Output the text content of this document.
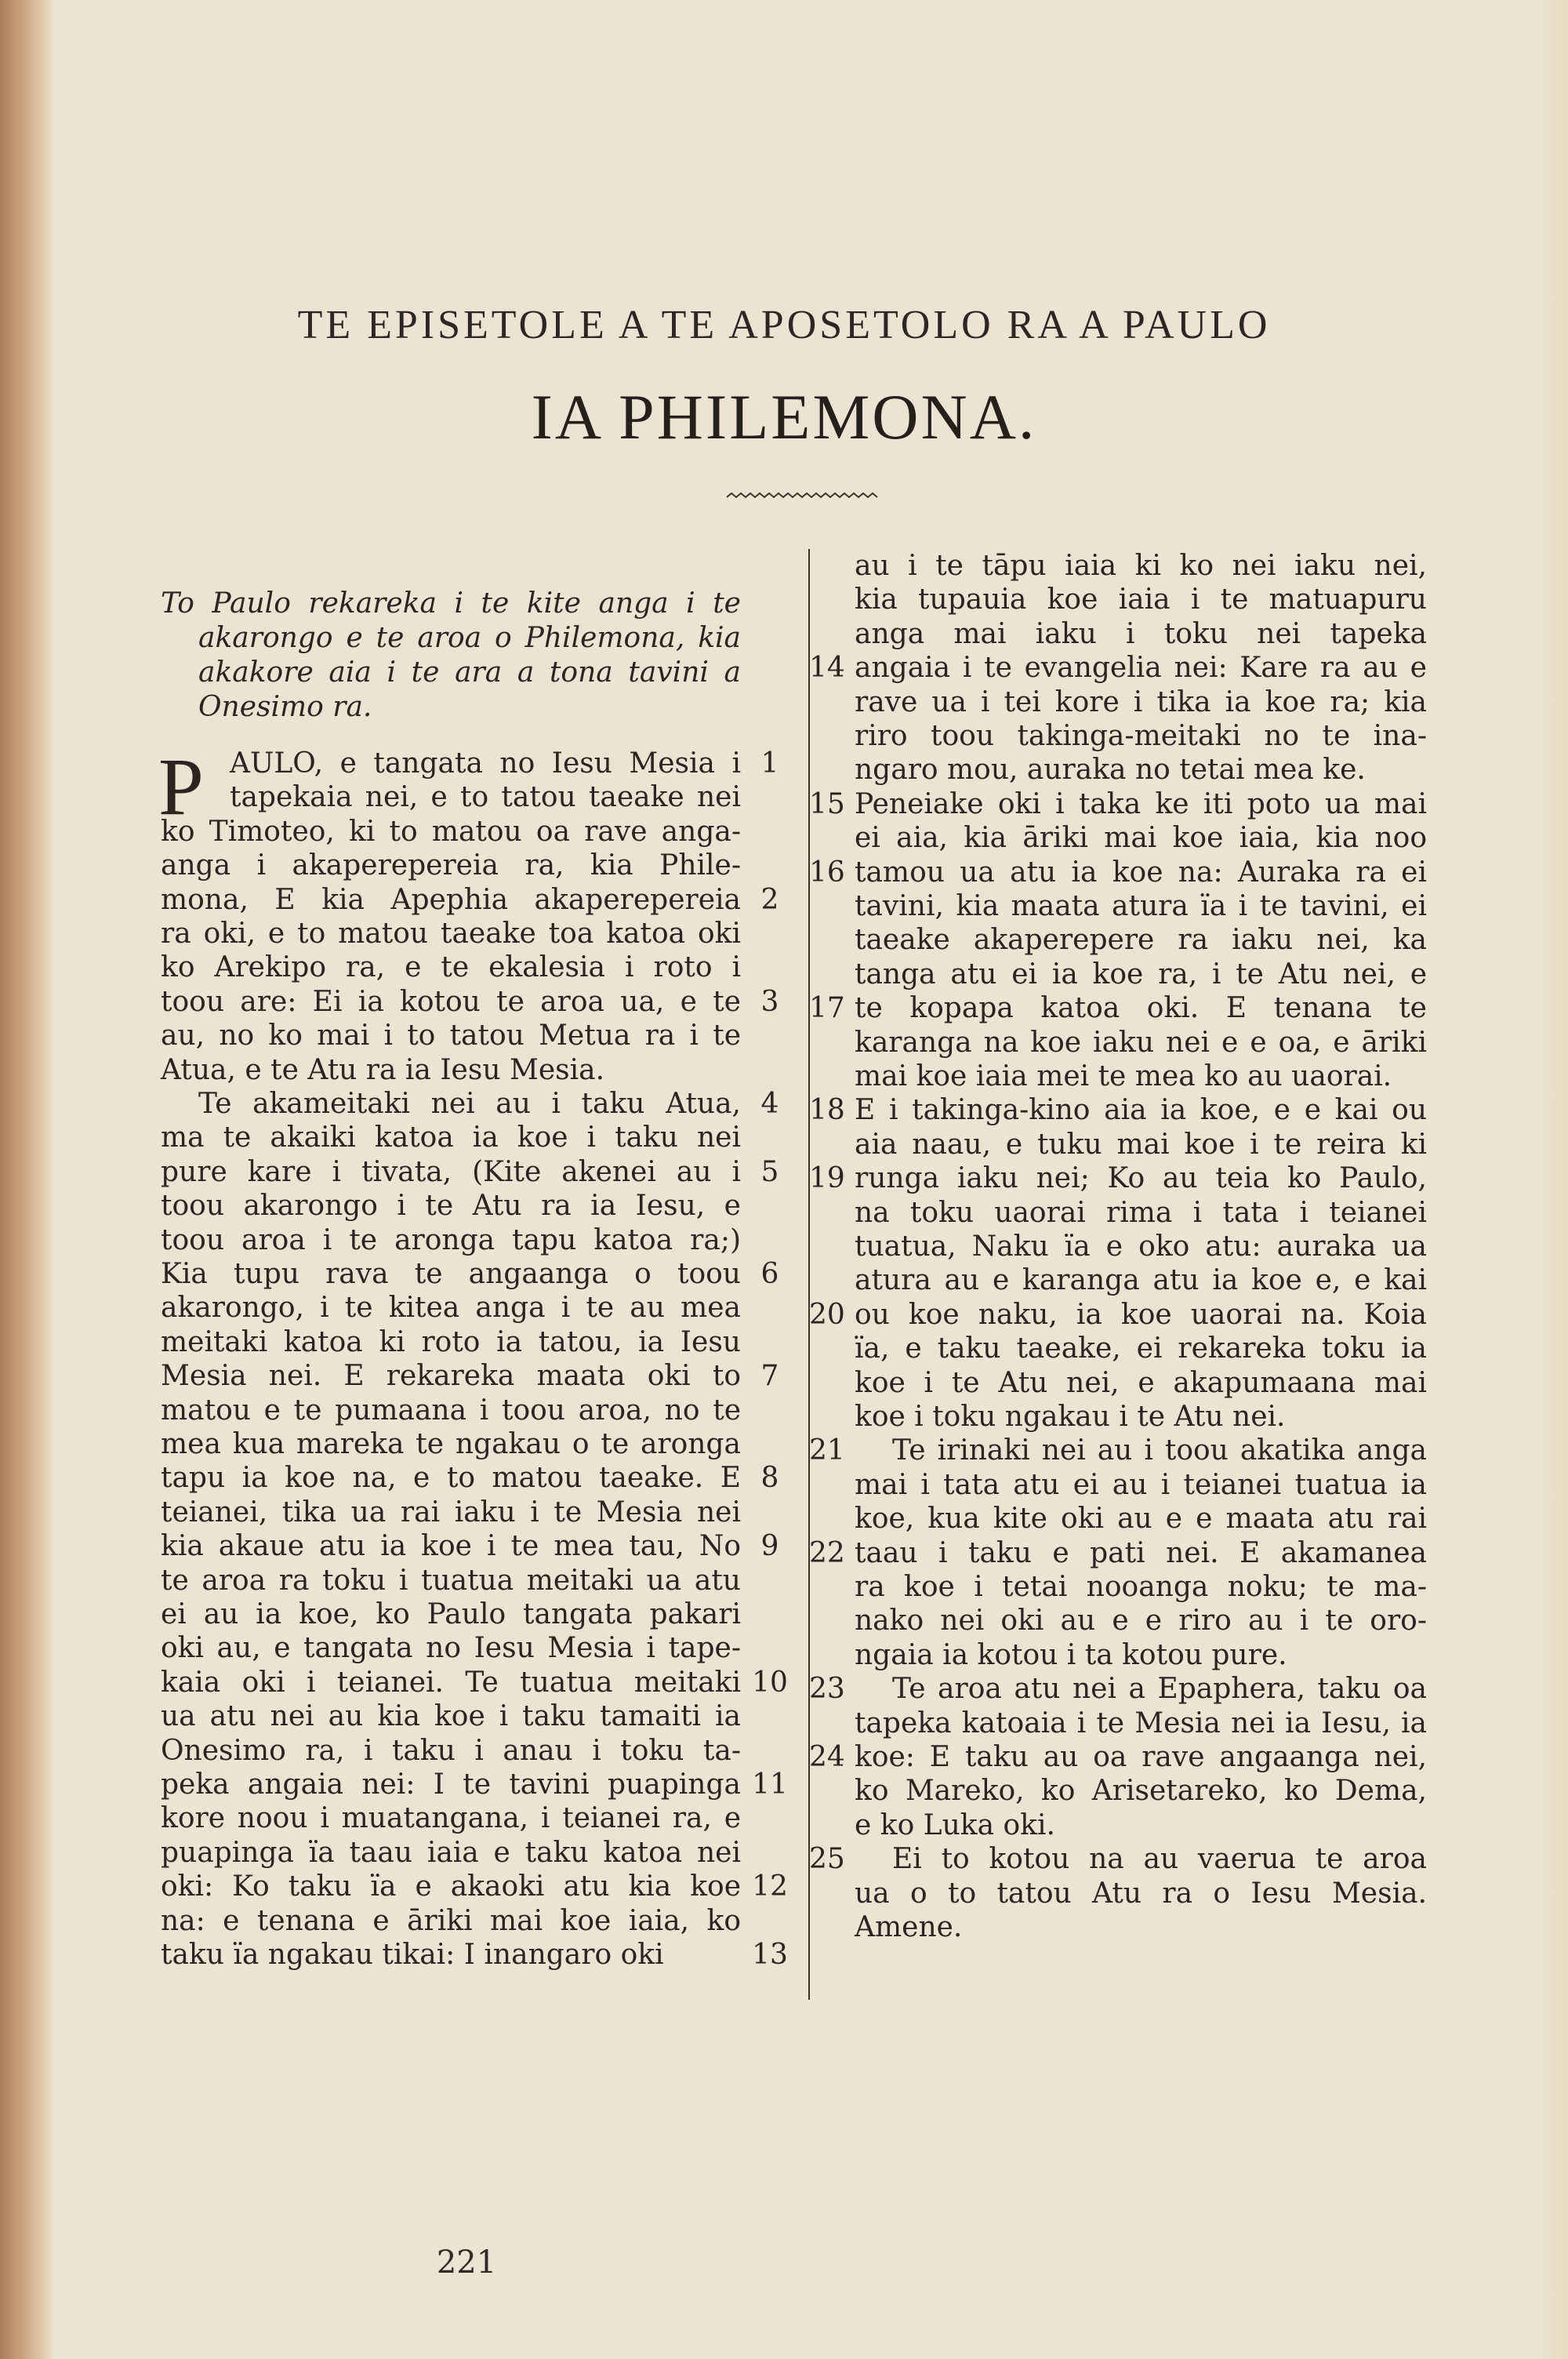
TE EPISETOLE A TE APOSETOLO RA A PAULO
IA PHILEMONA.
To Paulo rekareka i te kite anga i te akarongo e te aroa o Philemona, kia akakore aia i te ara a tona tavini a Onesimo ra.
P AULO, e tangata no Iesu Mesia i 1
tapekaia nei, e to tatou taeake nei
ko Timoteo, ki to matou oa rave anga-
anga i akaperepereia ra, kia Phile-
mona, E kia Apephia akaperepereia 2
ra oki, e to matou taeake toa katoa oki
ko Arekipo ra, e te ekalesia i roto i
toou are: Ei ia kotou te aroa ua, e te 3
au, no ko mai i to tatou Metua ra i te
Atua, e te Atu ra ia Iesu Mesia.
Te akameitaki nei au i taku Atua, 4
ma te akaiki katoa ia koe i taku nei
pure kare i tivata, (Kite akenei au i 5
toou akarongo i te Atu ra ia Iesu, e
toou aroa i te aronga tapu katoa ra;)
Kia tupu rava te angaanga o toou 6
akarongo, i te kitea anga i te au mea
meitaki katoa ki roto ia tatou, ia Iesu
Mesia nei. E rekareka maata oki to 7
matou e te pumaana i toou aroa, no te
mea kua mareka te ngakau o te aronga
tapu ia koe na, e to matou taeake. E 8
teianei, tika ua rai iaku i te Mesia nei
kia akaue atu ia koe i te mea tau, No 9
te aroa ra toku i tuatua meitaki ua atu
ei au ia koe, ko Paulo tangata pakari
oki au, e tangata no Iesu Mesia i tape-
kaia oki i teianei. Te tuatua meitaki 10
ua atu nei au kia koe i taku tamaiti ia
Onesimo ra, i taku i anau i toku ta-
peka angaia nei: I te tavini puapinga 11
kore noou i muatangana, i teianei ra, e
puapinga ïa taau iaia e taku katoa nei
oki: Ko taku ïa e akaoki atu kia koe 12
na: e tenana e āriki mai koe iaia, ko
taku ïa ngakau tikai: I inangaro oki	13
au i te tāpu iaia ki ko nei iaku nei,
kia tupauia koe iaia i te matuapuru
anga mai iaku i toku nei tapeka
angaia i te evangelia nei: Kare ra au e
14
rave ua i tei kore i tika ia koe ra; kia
riro toou takinga-meitaki no te ina-
ngaro mou, auraka no tetai mea ke.
Peneiake oki i taka ke iti poto ua mai
15
ei aia, kia āriki mai koe iaia, kia noo
tamou ua atu ia koe na: Auraka ra ei
16
tavini, kia maata atura ïa i te tavini, ei
taeake akaperepere ra iaku nei, ka
tanga atu ei ia koe ra, i te Atu nei, e
te kopapa katoa oki. E tenana te
17
karanga na koe iaku nei e e oa, e āriki
mai koe iaia mei te mea ko au uaorai.
E i takinga-kino aia ia koe, e e kai ou
18
aia naau, e tuku mai koe i te reira ki
runga iaku nei; Ko au teia ko Paulo,
19
na toku uaorai rima i tata i teianei
tuatua, Naku ïa e oko atu: auraka ua
atura au e karanga atu ia koe e, e kai
ou koe naku, ia koe uaorai na. Koia
20
ïa, e taku taeake, ei rekareka toku ia
koe i te Atu nei, e akapumaana mai
koe i toku ngakau i te Atu nei.
Te irinaki nei au i toou akatika anga
21
mai i tata atu ei au i teianei tuatua ia
koe, kua kite oki au e e maata atu rai
taau i taku e pati nei. E akamanea
22
ra koe i tetai nooanga noku; te ma-
nako nei oki au e e riro au i te oro-
ngaia ia kotou i ta kotou pure.
Te aroa atu nei a Epaphera, taku oa
23
tapeka katoaia i te Mesia nei ia Iesu, ia
koe: E taku au oa rave angaanga nei,
24
ko Mareko, ko Arisetareko, ko Dema,
e ko Luka oki.
Ei to kotou na au vaerua te aroa
25
ua o to tatou Atu ra o Iesu Mesia.
Amene.
221
